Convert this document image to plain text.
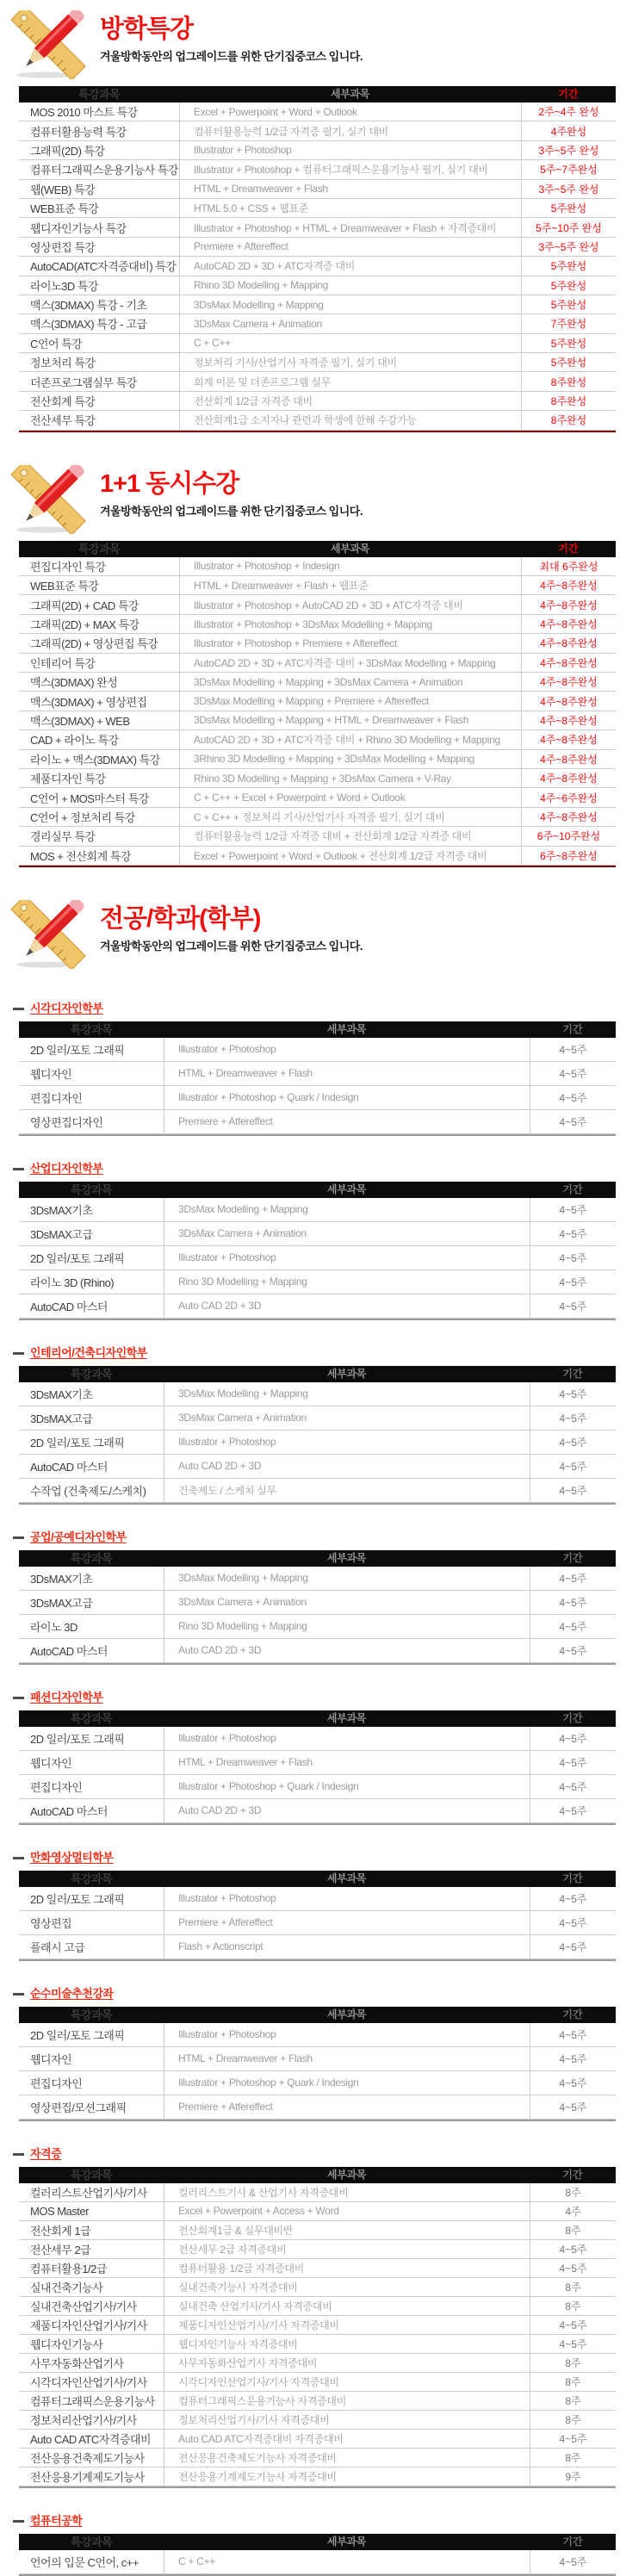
방학특강

겨울방학동안의 업그레이드를 위한 단기집중코스 입니다.

특강과목	세부과목	기간
MOS 2010 마스트 특강	Excel + Powerpoint + Word + Outlook	2주~4주 완성
컴퓨터활용능력 특강	컴퓨터활용능력 1/2급 자격증 필기, 실기 대비	4주완성
그래픽(2D) 특강	Illustrator + Photoshop	3주~5주 완성
컴퓨터그래픽스운용기능사 특강	Illustrator + Photoshop + 컴퓨터그래픽스운용기능사 필기, 실기 대비	5주~7주완성
웹(WEB) 특강	HTML + Dreamweaver + Flash	3주~5주 완성
WEB표준 특강	HTML 5.0 + CSS + 웹표준	5주완성
웹디자인기능사 특강	Illustrator + Photoshop + HTML + Dreamweaver + Flash + 자격증대비	5주~10주 완성
영상편집 특강	Premiere + Aftereffect	3주~5주 완성
AutoCAD(ATC자격증대비) 특강	AutoCAD 2D + 3D + ATC자격증 대비	5주완성
라이노3D 특강	Rhino 3D Modelling + Mapping	5주완성
맥스(3DMAX) 특강 - 기초	3DsMax Modelling + Mapping	5주완성
맥스(3DMAX) 특강 - 고급	3DsMax Camera + Animation	7주완성
C언어 특강	C + C++	5주완성
정보처리 특강	정보처리 기사/산업기사 자격증 필기, 실기 대비	5주완성
더존프로그램실무 특강	회계 이론 및 더존프로그램 실무	8주완성
전산회계 특강	전산회계 1/2급 자격증 대비	8주완성
전산세무 특강	전산회계1급 소지자나 관련과 학생에 한해 수강가능	8주완성
1+1 동시수강

겨울방학동안의 업그레이드를 위한 단기집중코스 입니다.

특강과목	세부과목	기간
편집디자인 특강	Illustrator + Photoshop + Indesign	최대 6주완성
WEB표준 특강	HTML + Dreamweaver + Flash + 웹표준	4주~8주완성
그래픽(2D) + CAD 특강	Illustrator + Photoshop + AutoCAD 2D + 3D + ATC자격증 대비	4주~8주완성
그래픽(2D) + MAX 특강	Illustrator + Photoshop + 3DsMax Modelling + Mapping	4주~8주완성
그래픽(2D) + 영상편집 특강	Illustrator + Photoshop + Premiere + Aftereffect	4주~8주완성
인테리어 특강	AutoCAD 2D + 3D + ATC자격증 대비 + 3DsMax Modelling + Mapping	4주~8주완성
맥스(3DMAX) 완성	3DsMax Modelling + Mapping + 3DsMax Camera + Animation	4주~8주완성
맥스(3DMAX) + 영상편집	3DsMax Modelling + Mapping + Premiere + Aftereffect	4주~8주완성
맥스(3DMAX) + WEB	3DsMax Modelling + Mapping + HTML + Dreamweaver + Flash	4주~8주완성
CAD + 라이노 특강	AutoCAD 2D + 3D + ATC자격증 대비 + Rhino 3D Modelling + Mapping	4주~8주완성
라이노 + 맥스(3DMAX) 특강	3Rhino 3D Modelling + Mapping + 3DsMax Modelling + Mapping	4주~8주완성
제품디자인 특강	Rhino 3D Modelling + Mapping + 3DsMax Camera + V-Ray	4주~8주완성
C언어 + MOS마스터 특강	C + C++ + Excel + Powerpoint + Word + Outlook	4주~6주완성
C언어 + 정보처리 특강	C + C++ + 정보처리 기사/산업기사 자격증 필기, 실기 대비	4주~8주완성
경리실무 특강	컴퓨터활용능력 1/2급 자격증 대비 + 전산회계 1/2급 자격증 대비	6주~10주완성
MOS + 전산회계 특강	Excel + Powerpoint + Word + Outlook + 전산회계 1/2급 자격증 대비	6주~8주완성
전공/학과(학부)

겨울방학동안의 업그레이드를 위한 단기집중코스 입니다.

시각디자인학부
특강과목	세부과목	기간
2D 일러/포토 그래픽	Illustrator + Photoshop	4~5주
웹디자인	HTML + Dreamweaver + Flash	4~5주
편집디자인	Illustrator + Photoshop + Quark / Indesign	4~5주
영상편집디자인	Premiere + Atfereffect	4~5주
산업디자인학부
특강과목	세부과목	기간
3DsMAX기초	3DsMax Modelling + Mapping	4~5주
3DsMAX고급	3DsMax Camera + Animation	4~5주
2D 일러/포토 그래픽	Illustrator + Photoshop	4~5주
라이노 3D (Rhino)	Rino 3D Modelling + Mapping	4~5주
AutoCAD 마스터	Auto CAD 2D + 3D	4~5주
인테리어/건축디자인학부
특강과목	세부과목	기간
3DsMAX기초	3DsMax Modelling + Mapping	4~5주
3DsMAX고급	3DsMax Camera + Animation	4~5주
2D 일러/포토 그래픽	Illustrator + Photoshop	4~5주
AutoCAD 마스터	Auto CAD 2D + 3D	4~5주
수작업 (건축제도/스케치)	건축제도 / 스케치 실무	4~5주
공업/공예디자인학부
특강과목	세부과목	기간
3DsMAX기초	3DsMax Modelling + Mapping	4~5주
3DsMAX고급	3DsMax Camera + Animation	4~5주
라이노 3D	Rino 3D Modelling + Mapping	4~5주
AutoCAD 마스터	Auto CAD 2D + 3D	4~5주
패션디자인학부
특강과목	세부과목	기간
2D 일러/포토 그래픽	Illustrator + Photoshop	4~5주
웹디자인	HTML + Dreamweaver + Flash	4~5주
편집디자인	Illustrator + Photoshop + Quark / Indesign	4~5주
AutoCAD 마스터	Auto CAD 2D + 3D	4~5주
만화영상멀티학부
특강과목	세부과목	기간
2D 일러/포토 그래픽	Illustrator + Photoshop	4~5주
영상편집	Premiere + Atfereffect	4~5주
플래시 고급	Flash + Actionscript	4~5주
순수미술추천강좌
특강과목	세부과목	기간
2D 일러/포토 그래픽	Illustrator + Photoshop	4~5주
웹디자인	HTML + Dreamweaver + Flash	4~5주
편집디자인	Illustrator + Photoshop + Quark / Indesign	4~5주
영상편집/모션그래픽	Premiere + Atfereffect	4~5주
자격증
특강과목	세부과목	기간
컬러리스트산업기사/기사	컬러리스트기사 & 산업기사 자격증대비	8주
MOS Master	Excel + Powerpoint + Access + Word	4주
전산회계 1급	전산회계1급 & 실무대비반	8주
전산세무 2급	전산세무 2급 자격증대비	4~5주
컴퓨터활용1/2급	컴퓨터활용 1/2급 자격증대비	4~5주
실내건축기능사	실내건축기능사 자격증대비	8주
실내건축산업기사/기사	실내건축 산업기사/기사 자격증대비	8주
제품디자인산업기사/기사	제품디자인산업기사/기사 자격증대비	4~5주
웹디자인기능사	웹디자인기능사 자격증대비	4~5주
사무자동화산업기사	사무자동화산업기사 자격증대비	8주
시각디자인산업기사/기사	시각디자인산업기사/기사 자격증대비	8주
컴퓨터그래픽스운용기능사	컴퓨터그래픽스운용기능사 자격증대비	8주
정보처리산업기사/기사	정보처리산업기사/기사 자격증대비	8주
Auto CAD ATC자격증대비	Auto CAD ATC자격증대비 자격증대비	4~5주
전산응용건축제도기능사	전산응용건축제도기능사 자격증대비	8주
전산응용기계제도기능사	전산응용기계제도기능사 자격증대비	9주
컴퓨터공학
특강과목	세부과목	기간
언어의 입문 C언어, c++	C + C++	4~5주
